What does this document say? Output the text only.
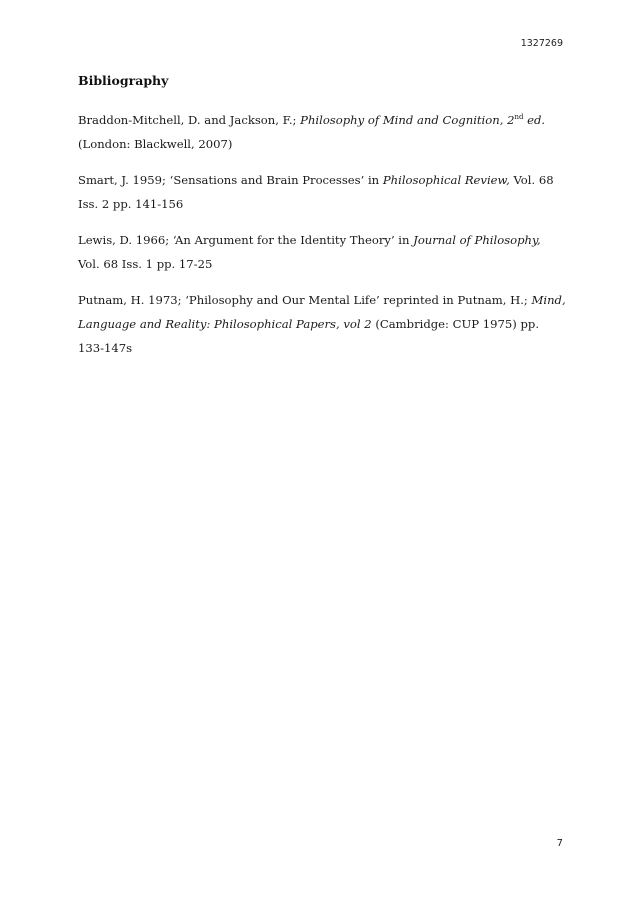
1327269
Bibliography

Braddon-Mitchell, D. and Jackson, F.; Philosophy of Mind and Cognition, 2nd ed. (London: Blackwell, 2007)

Smart, J. 1959; ‘Sensations and Brain Processes’ in Philosophical Review, Vol. 68 Iss. 2 pp. 141-156

Lewis, D. 1966; ‘An Argument for the Identity Theory’ in Journal of Philosophy, Vol. 68 Iss. 1 pp. 17-25

Putnam, H. 1973; ‘Philosophy and Our Mental Life’ reprinted in Putnam, H.; Mind, Language and Reality: Philosophical Papers, vol 2 (Cambridge: CUP 1975) pp. 133-147s

7
